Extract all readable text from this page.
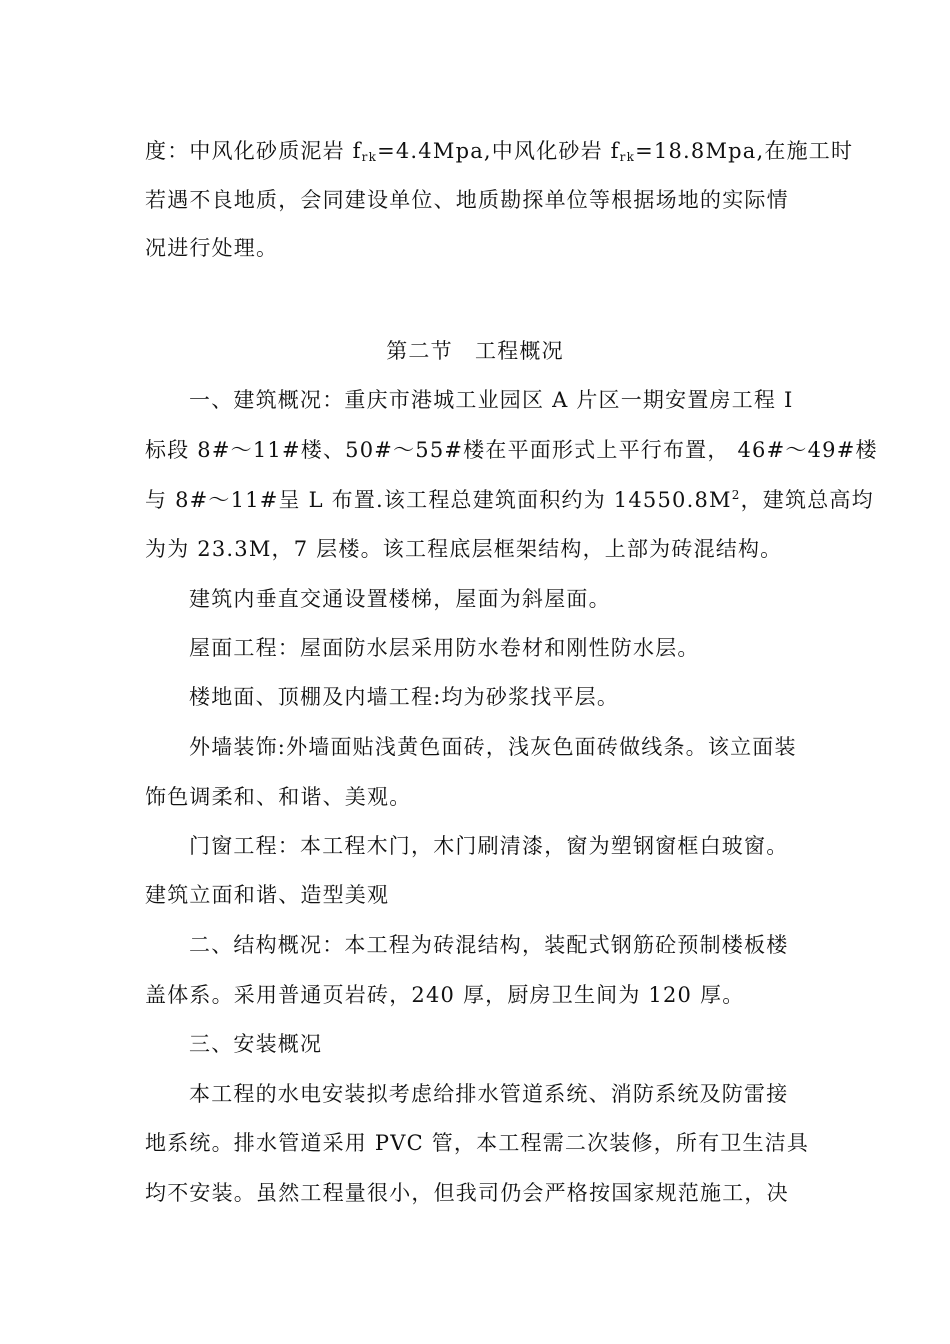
度：中风化砂质泥岩 $f_{rk}=4.4Mpa$,中风化砂岩 $f_{rk}=18.8Mpa$,在施工时
若遇不良地质，会同建设单位、地质勘探单位等根据场地的实际情
况进行处理。
第二节　工程概况
一、建筑概况：重庆市港城工业园区 A 片区一期安置房工程 I
标段 8#～11#楼、50#～55#楼在平面形式上平行布置， 46#～49#楼
与 8#～11#呈 L 布置.该工程总建筑面积约为 $14550.8M^2$，建筑总高均
为为 23.3M，7 层楼。该工程底层框架结构，上部为砖混结构。
建筑内垂直交通设置楼梯，屋面为斜屋面。
屋面工程：屋面防水层采用防水卷材和刚性防水层。
楼地面、顶棚及内墙工程:均为砂浆找平层。
外墙装饰:外墙面贴浅黄色面砖，浅灰色面砖做线条。该立面装
饰色调柔和、和谐、美观。
门窗工程：本工程木门，木门刷清漆，窗为塑钢窗框白玻窗。
建筑立面和谐、造型美观
二、结构概况：本工程为砖混结构，装配式钢筋砼预制楼板楼
盖体系。采用普通页岩砖，240 厚，厨房卫生间为 120 厚。
三、安装概况
本工程的水电安装拟考虑给排水管道系统、消防系统及防雷接
地系统。排水管道采用 PVC 管，本工程需二次装修，所有卫生洁具
均不安装。虽然工程量很小，但我司仍会严格按国家规范施工，决
